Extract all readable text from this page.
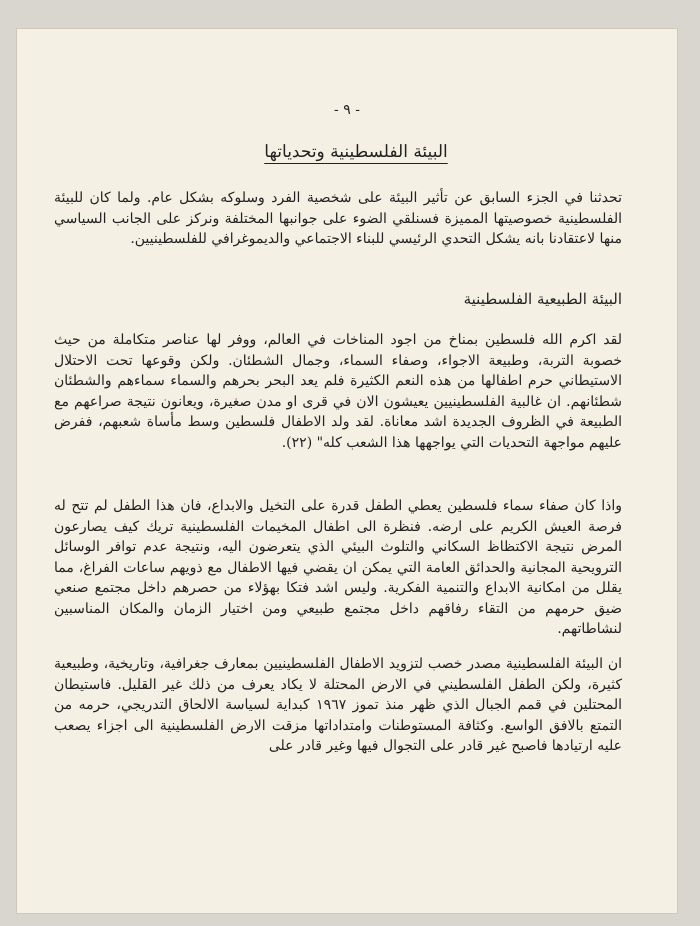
- ٩ -
البيئة الفلسطينية وتحدياتها
تحدثنا في الجزء السابق عن تأثير البيئة على شخصية الفرد وسلوكه بشكل عام. ولما كان للبيئة الفلسطينية خصوصيتها المميزة فسنلقي الضوء على جوانبها المختلفة ونركز على الجانب السياسي منها لاعتقادنا بانه يشكل التحدي الرئيسي للبناء الاجتماعي والديموغرافي للفلسطينيين.
البيئة الطبيعية الفلسطينية
لقد اكرم الله فلسطين بمناخ من اجود المناخات في العالم، ووفر لها عناصر متكاملة من حيث خصوبة التربة، وطبيعة الاجواء، وصفاء السماء، وجمال الشطئان. ولكن وقوعها تحت الاحتلال الاستيطاني حرم اطفالها من هذه النعم الكثيرة فلم يعد البحر بحرهم والسماء سماءهم والشطئان شطئانهم. ان غالبية الفلسطينيين يعيشون الان في قرى او مدن صغيرة، ويعانون نتيجة صراعهم مع الطبيعة في الظروف الجديدة اشد معاناة. لقد ولد الاطفال فلسطين وسط مأساة شعبهم، ففرض عليهم مواجهة التحديات التي يواجهها هذا الشعب كله" (٢٢).
واذا كان صفاء سماء فلسطين يعطي الطفل قدرة على التخيل والابداع، فان هذا الطفل لم تتح له فرصة العيش الكريم على ارضه. فنظرة الى اطفال المخيمات الفلسطينية تريك كيف يصارعون المرض نتيجة الاكتظاظ السكاني والتلوث البيئي الذي يتعرضون اليه، ونتيجة عدم توافر الوسائل الترويحية المجانية والحدائق العامة التي يمكن ان يقضي فيها الاطفال مع ذويهم ساعات الفراغ، مما يقلل من امكانية الابداع والتنمية الفكرية. وليس اشد فتكا بهؤلاء من حصرهم داخل مجتمع صنعي ضيق حرمهم من التقاء رفاقهم داخل مجتمع طبيعي ومن اختيار الزمان والمكان المناسبين لنشاطاتهم.
ان البيئة الفلسطينية مصدر خصب لتزويد الاطفال الفلسطينيين بمعارف جغرافية، وتاريخية، وطبيعية كثيرة، ولكن الطفل الفلسطيني في الارض المحتلة لا يكاد يعرف من ذلك غير القليل. فاستيطان المحتلين في قمم الجبال الذي ظهر منذ تموز ١٩٦٧ كبداية لسياسة الالحاق التدريجي، حرمه من التمتع بالافق الواسع. وكثافة المستوطنات وامتداداتها مزقت الارض الفلسطينية الى اجزاء يصعب عليه ارتيادها فاصبح غير قادر على التجوال فيها وغير قادر على
